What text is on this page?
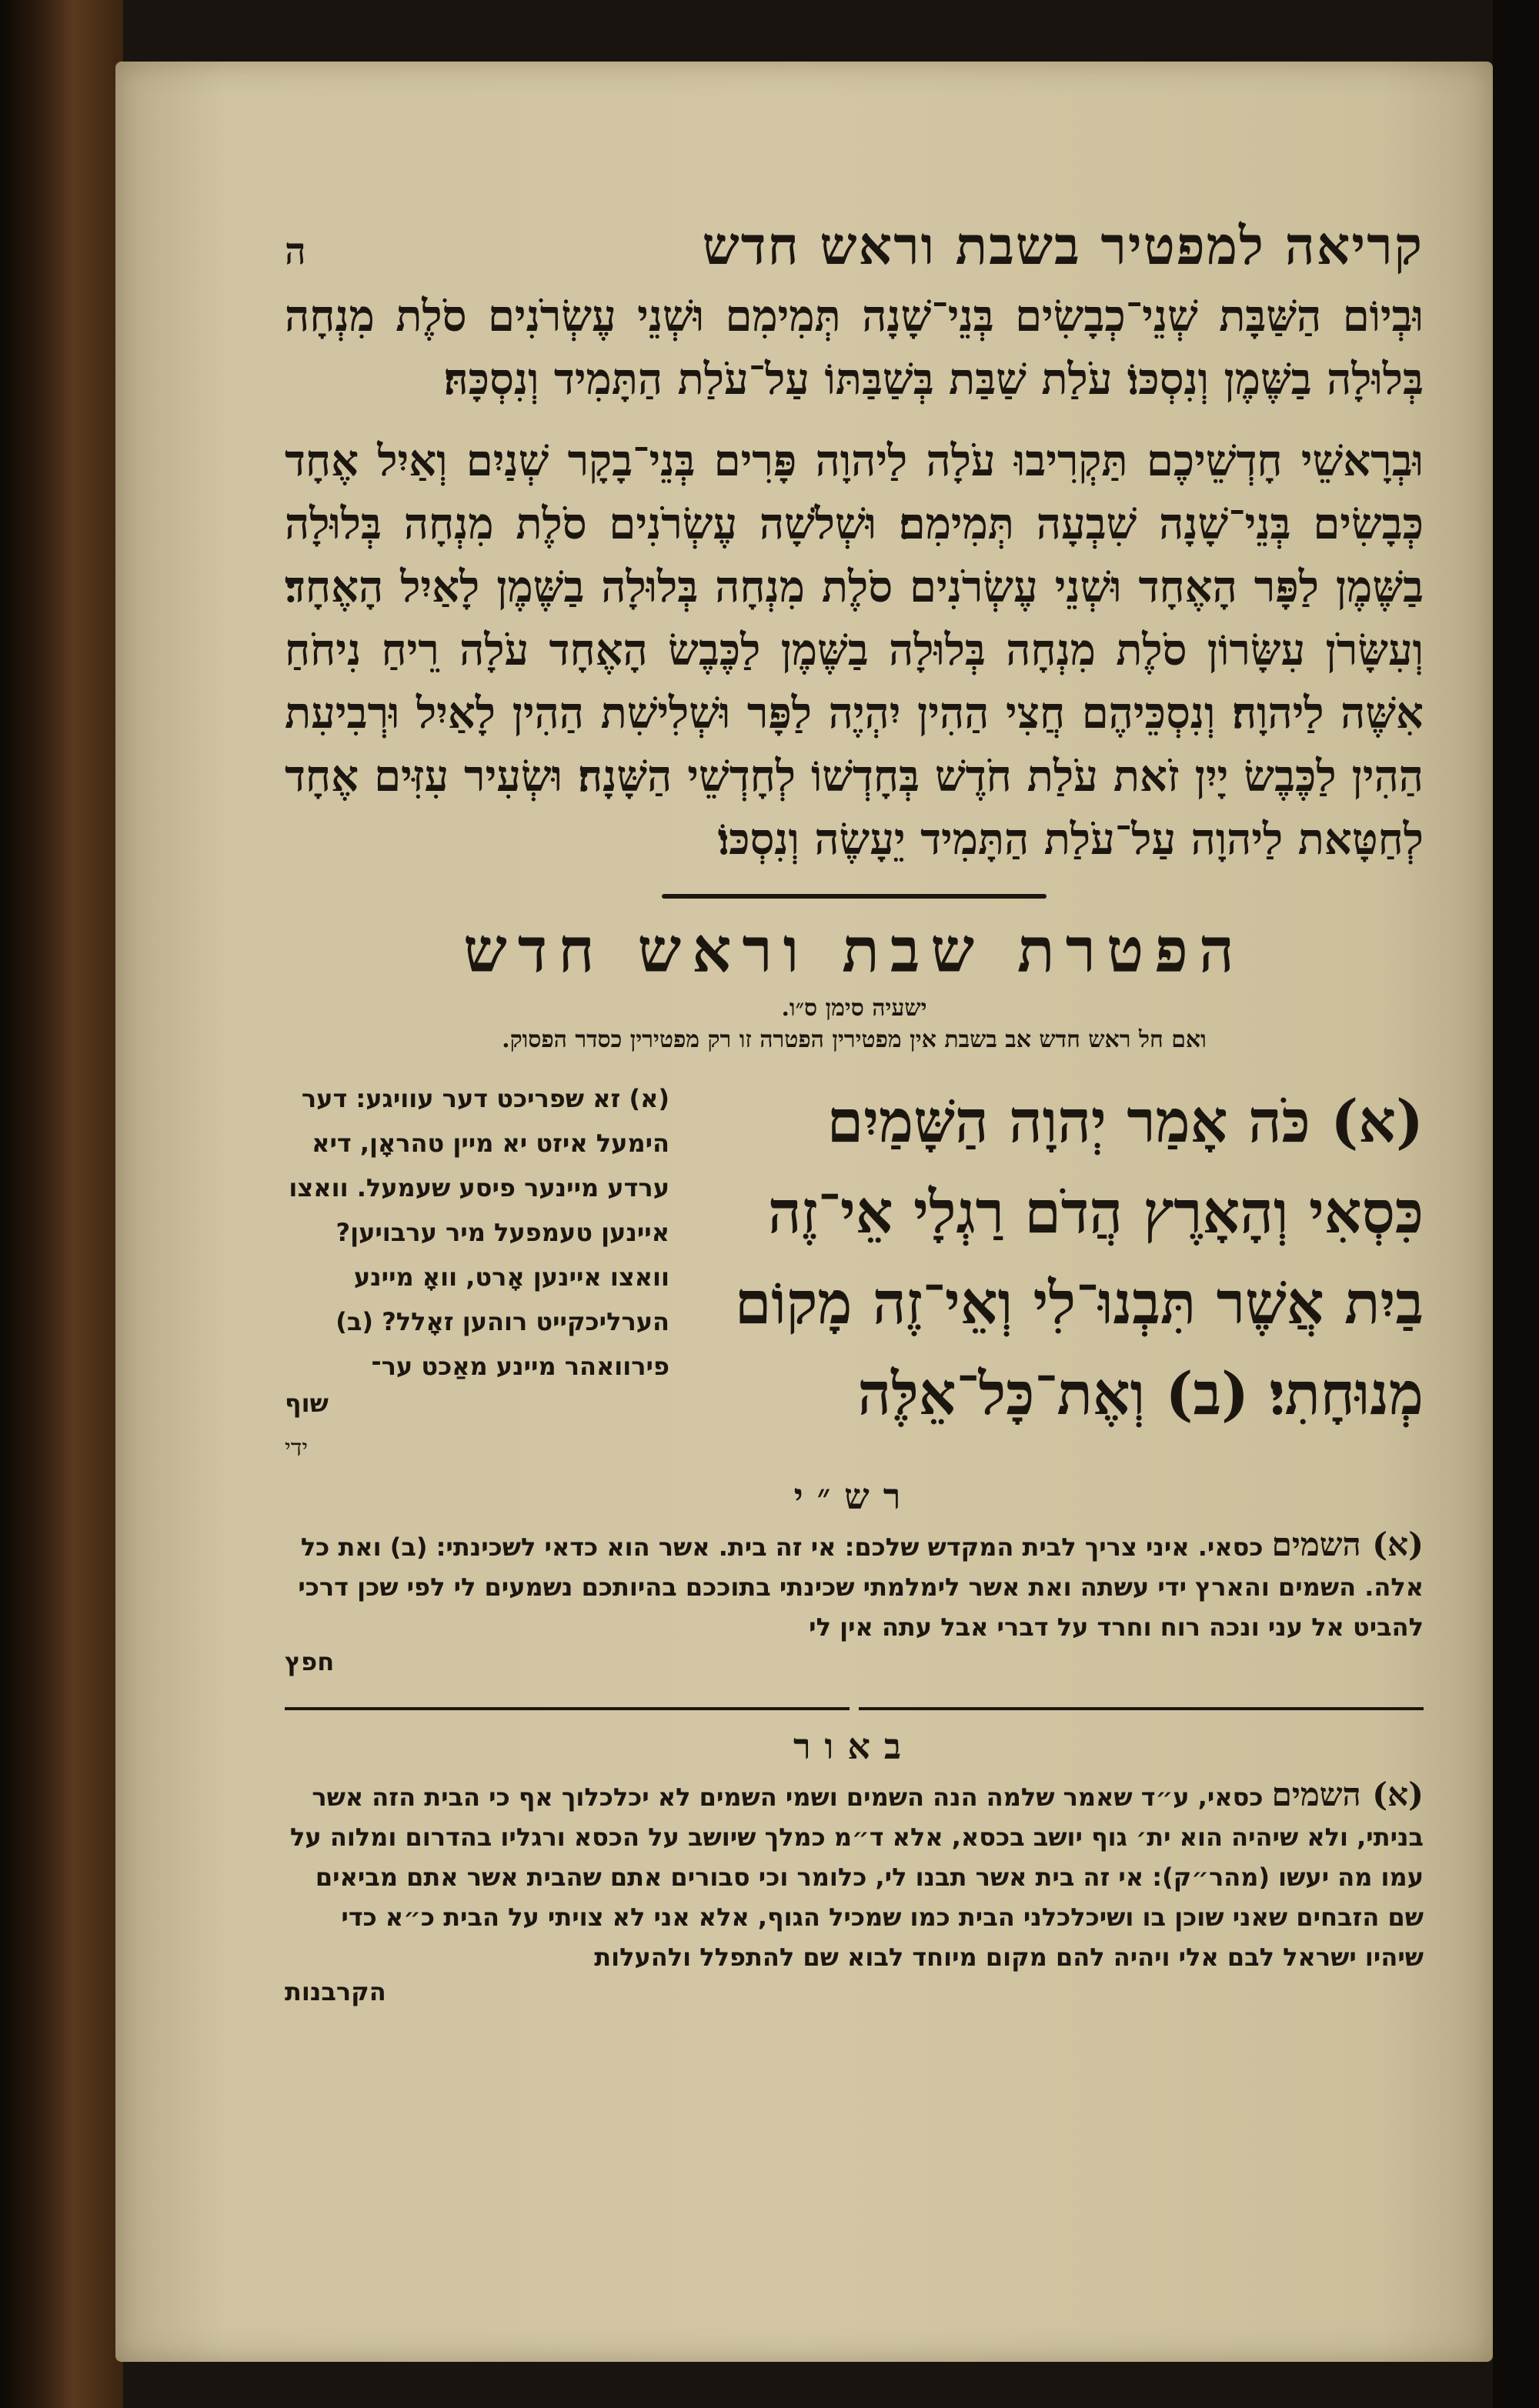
קריאה למפטיר בשבת וראש חדש
ה

וּבְיוֹם הַשַּׁבָּת שְׁנֵי־כְבָשִׂים בְּנֵי־שָׁנָה תְּמִימִם וּשְׁנֵי עֶשְׂרֹנִים סֹלֶת מִנְחָה בְּלוּלָה בַשֶּׁמֶן וְנִסְכּוֹ׃ עֹלַת שַׁבַּת בְּשַׁבַּתּוֹ עַל־עֹלַת הַתָּמִיד וְנִסְכָּהּ׃

וּבְרָאשֵׁי חָדְשֵׁיכֶם תַּקְרִיבוּ עֹלָה לַיהוָה פָּרִים בְּנֵי־בָקָר שְׁנַיִם וְאַיִל אֶחָד כְּבָשִׂים בְּנֵי־שָׁנָה שִׁבְעָה תְּמִימִם׃ וּשְׁלֹשָׁה עֶשְׂרֹנִים סֹלֶת מִנְחָה בְּלוּלָה בַשֶּׁמֶן לַפָּר הָאֶחָד וּשְׁנֵי עֶשְׂרֹנִים סֹלֶת מִנְחָה בְּלוּלָה בַשֶּׁמֶן לָאַיִל הָאֶחָד׃ וְעִשָּׂרֹן עִשָּׂרוֹן סֹלֶת מִנְחָה בְּלוּלָה בַשֶּׁמֶן לַכֶּבֶשׂ הָאֶחָד עֹלָה רֵיחַ נִיחֹחַ אִשֶּׁה לַיהוָה׃ וְנִסְכֵּיהֶם חֲצִי הַהִין יִהְיֶה לַפָּר וּשְׁלִישִׁת הַהִין לָאַיִל וּרְבִיעִת הַהִין לַכֶּבֶשׂ יָיִן זֹאת עֹלַת חֹדֶשׁ בְּחָדְשׁוֹ לְחָדְשֵׁי הַשָּׁנָה׃ וּשְׂעִיר עִזִּים אֶחָד לְחַטָּאת לַיהוָה עַל־עֹלַת הַתָּמִיד יֵעָשֶׂה וְנִסְכּוֹ׃

הפטרת שבת וראש חדש

ישעיה סימן ס״ו.

ואם חל ראש חדש אב בשבת אין מפטירין הפטרה זו רק מפטירין כסדר הפסוק.

(א) כֹּה אָמַר יְהוָה הַשָּׁמַיִם כִּסְאִי וְהָאָרֶץ הֲדֹם רַגְלָי אֵי־זֶה בַיִת אֲשֶׁר תִּבְנוּ־לִי וְאֵי־זֶה מָקוֹם מְנוּחָתִי׃ (ב) וְאֶת־כָּל־אֵלֶּה
(א) זא שפריכט דער עוויגע: דער הימעל איזט יא מיין טהראָן, דיא ערדע מיינער פיסע שעמעל. וואצו איינען טעמפעל מיר ערבויען? וואצו איינען אָרט, וואָ מיינע הערליכקייט רוהען זאָלל? (ב) פירוואהר מיינע מאַכט ער־
שוף
ידי
רש״י

(א) השמים כסאי. איני צריך לבית המקדש שלכם: אי זה בית. אשר הוא כדאי לשכינתי: (ב) ואת כל אלה. השמים והארץ ידי עשתה ואת אשר לימלמתי שכינתי בתוככם בהיותכם נשמעים לי לפי שכן דרכי להביט אל עני ונכה רוח וחרד על דברי אבל עתה אין לי

חפץ
באור

(א) השמים כסאי, ע״ד שאמר שלמה הנה השמים ושמי השמים לא יכלכלוך אף כי הבית הזה אשר בניתי, ולא שיהיה הוא ית׳ גוף יושב בכסא, אלא ד״מ כמלך שיושב על הכסא ורגליו בהדרום ומלוה על עמו מה יעשו (מהר״ק): אי זה בית אשר תבנו לי, כלומר וכי סבורים אתם שהבית אשר אתם מביאים שם הזבחים שאני שוכן בו ושיכלכלני הבית כמו שמכיל הגוף, אלא אני לא צויתי על הבית כ״א כדי שיהיו ישראל לבם אלי ויהיה להם מקום מיוחד לבוא שם להתפלל ולהעלות

הקרבנות
